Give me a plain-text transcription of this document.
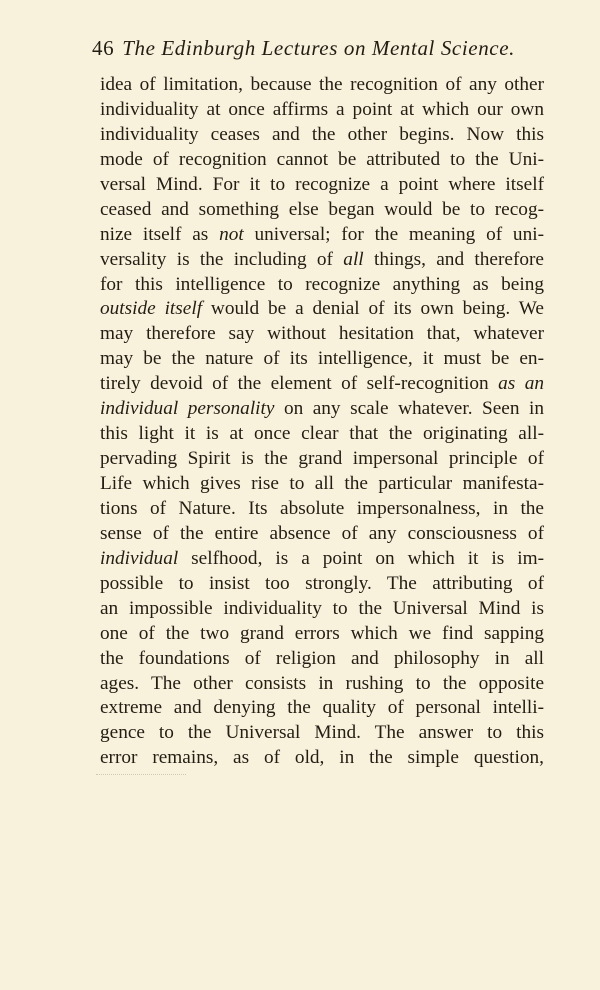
46 The Edinburgh Lectures on Mental Science.
idea of limitation, because the recognition of any other
individuality at once affirms a point at which our own
individuality ceases and the other begins. Now this
mode of recognition cannot be attributed to the Uni-
versal Mind. For it to recognize a point where itself
ceased and something else began would be to recog-
nize itself as not universal; for the meaning of uni-
versality is the including of all things, and therefore
for this intelligence to recognize anything as being
outside itself would be a denial of its own being. We
may therefore say without hesitation that, whatever
may be the nature of its intelligence, it must be en-
tirely devoid of the element of self-recognition as an
individual personality on any scale whatever. Seen in
this light it is at once clear that the originating all-
pervading Spirit is the grand impersonal principle of
Life which gives rise to all the particular manifesta-
tions of Nature. Its absolute impersonalness, in the
sense of the entire absence of any consciousness of
individual selfhood, is a point on which it is im-
possible to insist too strongly. The attributing of
an impossible individuality to the Universal Mind is
one of the two grand errors which we find sapping
the foundations of religion and philosophy in all
ages. The other consists in rushing to the opposite
extreme and denying the quality of personal intelli-
gence to the Universal Mind. The answer to this
error remains, as of old, in the simple question,
